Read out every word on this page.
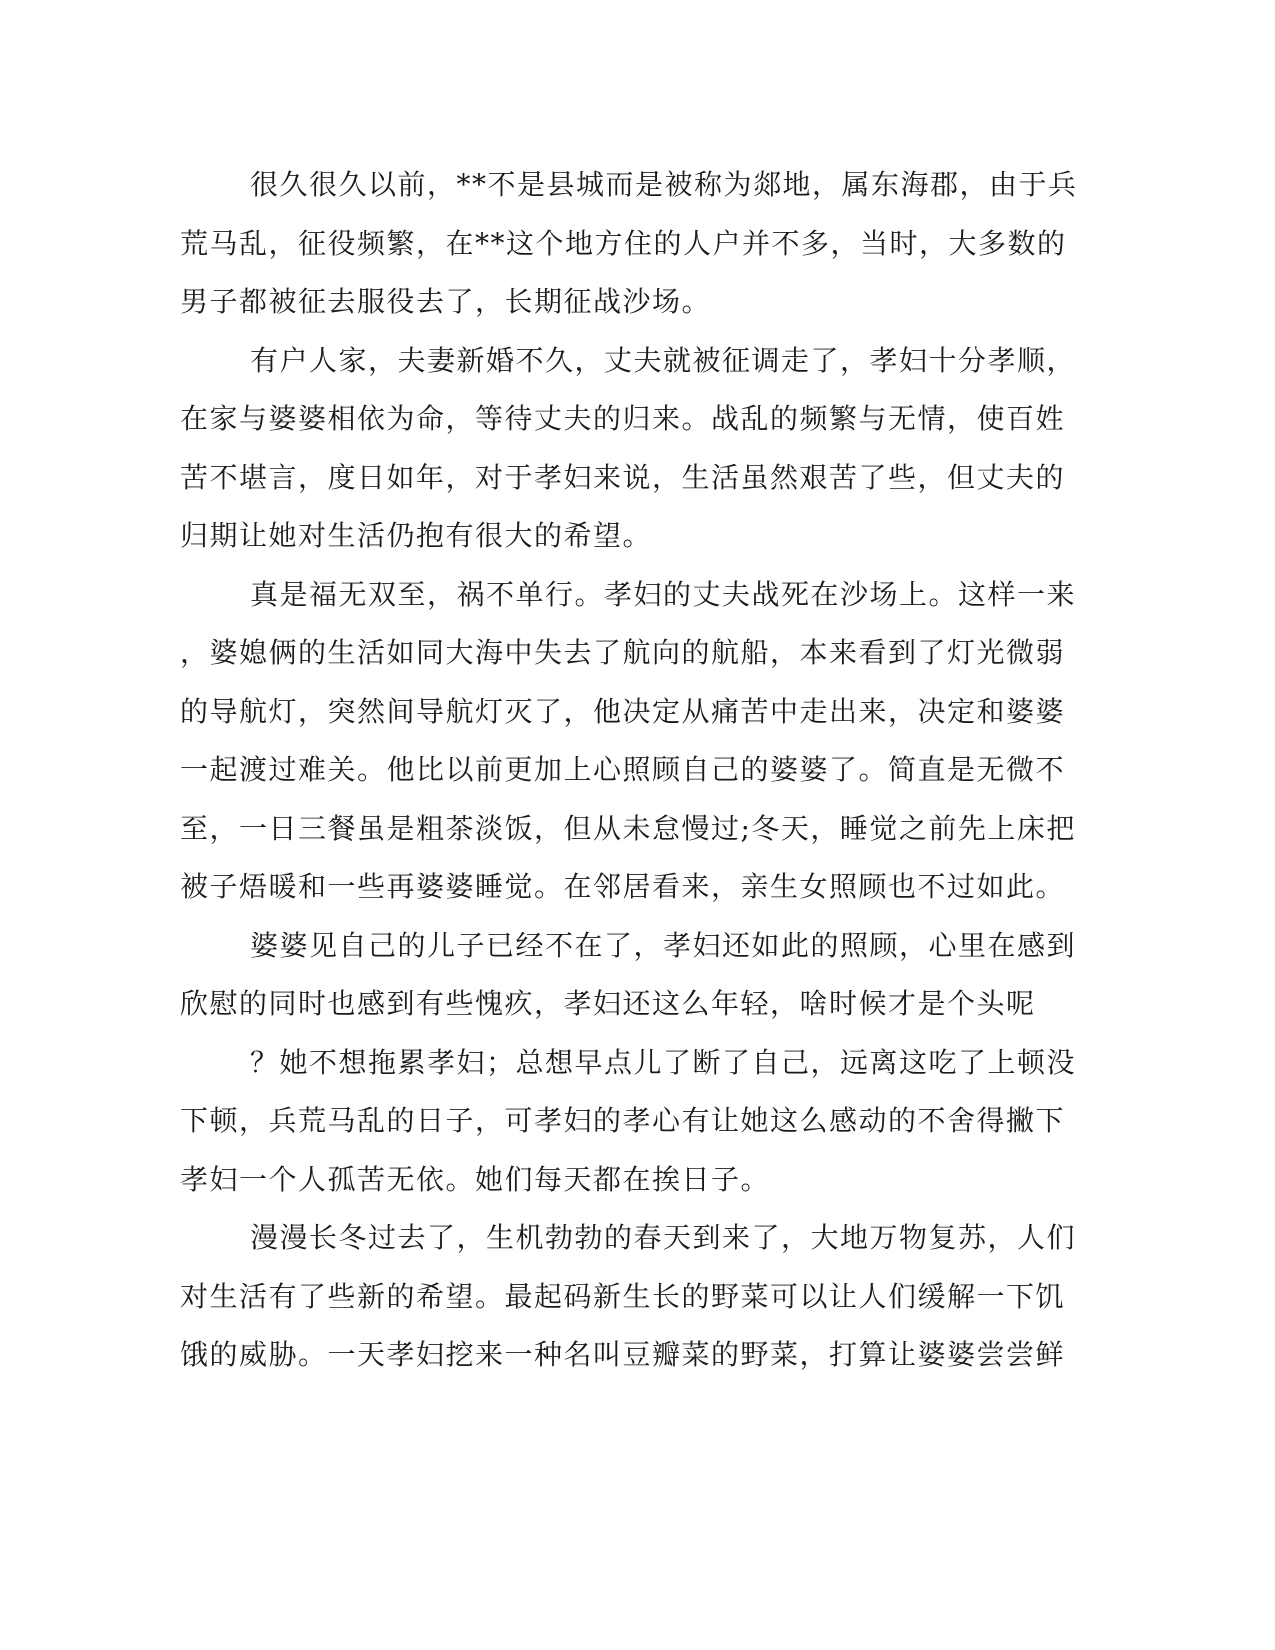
很久很久以前，**不是县城而是被称为郯地，属东海郡，由于兵
荒马乱，征役频繁，在**这个地方住的人户并不多，当时，大多数的
男子都被征去服役去了，长期征战沙场。
有户人家，夫妻新婚不久，丈夫就被征调走了，孝妇十分孝顺，
在家与婆婆相依为命，等待丈夫的归来。战乱的频繁与无情，使百姓
苦不堪言，度日如年，对于孝妇来说，生活虽然艰苦了些，但丈夫的
归期让她对生活仍抱有很大的希望。
真是福无双至，祸不单行。孝妇的丈夫战死在沙场上。这样一来
，婆媳俩的生活如同大海中失去了航向的航船，本来看到了灯光微弱
的导航灯，突然间导航灯灭了，他决定从痛苦中走出来，决定和婆婆
一起渡过难关。他比以前更加上心照顾自己的婆婆了。简直是无微不
至，一日三餐虽是粗茶淡饭，但从未怠慢过;冬天，睡觉之前先上床把
被子焐暖和一些再婆婆睡觉。在邻居看来，亲生女照顾也不过如此。
婆婆见自己的儿子已经不在了，孝妇还如此的照顾，心里在感到
欣慰的同时也感到有些愧疚，孝妇还这么年轻，啥时候才是个头呢
？她不想拖累孝妇；总想早点儿了断了自己，远离这吃了上顿没
下顿，兵荒马乱的日子，可孝妇的孝心有让她这么感动的不舍得撇下
孝妇一个人孤苦无依。她们每天都在挨日子。
漫漫长冬过去了，生机勃勃的春天到来了，大地万物复苏，人们
对生活有了些新的希望。最起码新生长的野菜可以让人们缓解一下饥
饿的威胁。一天孝妇挖来一种名叫豆瓣菜的野菜，打算让婆婆尝尝鲜
